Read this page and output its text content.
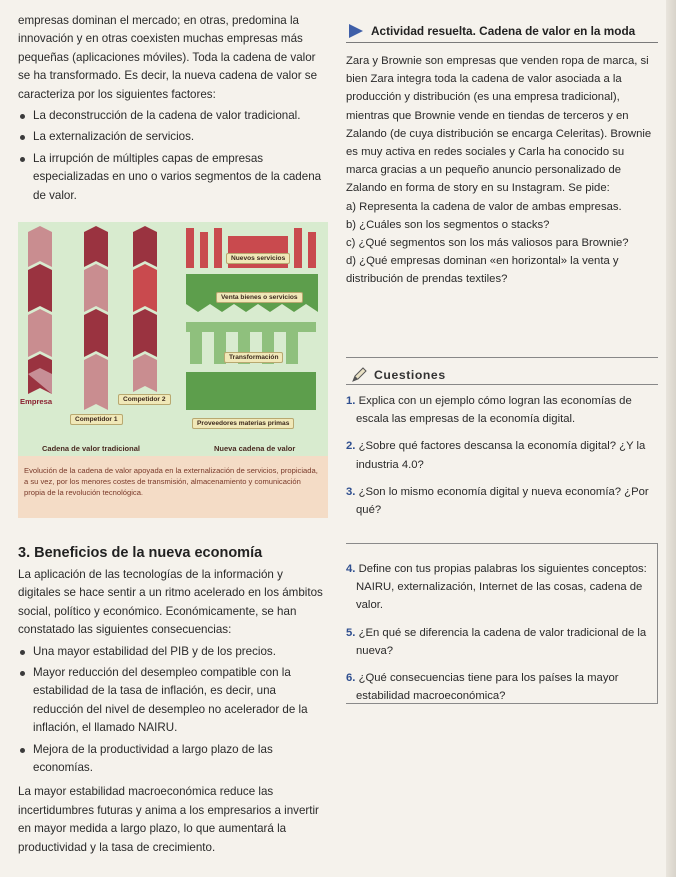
empresas dominan el mercado; en otras, predomina la innovación y en otras coexisten muchas empresas más pequeñas (aplicaciones móviles). Toda la cadena de valor se ha transformado. Es decir, la nueva cadena de valor se caracteriza por los siguientes factores:

La deconstrucción de la cadena de valor tradicional.
La externalización de servicios.
La irrupción de múltiples capas de empresas especializadas en uno o varios segmentos de la cadena de valor.
Empresa	Competidor 2
Competidor 1
Nuevos servicios
Venta bienes o servicios
Transformación
Proveedores materias primas
Cadena de valor tradicional	Nueva cadena de valor
Evolución de la cadena de valor apoyada en la externalización de servicios, propiciada, a su vez, por los menores costes de transmisión, almacenamiento y comunicación propia de la revolución tecnológica.
3. Beneficios de la nueva economía

La aplicación de las tecnologías de la información y digitales se hace sentir a un ritmo acelerado en los ámbitos social, político y económico. Económicamente, se han constatado las siguientes consecuencias:

Una mayor estabilidad del PIB y de los precios.
Mayor reducción del desempleo compatible con la estabilidad de la tasa de inflación, es decir, una reducción del nivel de desempleo no acelerador de la inflación, el llamado NAIRU.
Mejora de la productividad a largo plazo de las economías.

La mayor estabilidad macroeconómica reduce las incertidumbres futuras y anima a los empresarios a invertir en mayor medida a largo plazo, lo que aumentará la productividad y la tasa de crecimiento.

Actividad resuelta. Cadena de valor en la moda

Zara y Brownie son empresas que venden ropa de marca, si bien Zara integra toda la cadena de valor asociada a la producción y distribución (es una empresa tradicional), mientras que Brownie vende en tiendas de terceros y en Zalando (de cuya distribución se encarga Celeritas). Brownie es muy activa en redes sociales y Carla ha conocido su marca gracias a un pequeño anuncio personalizado de Zalando en forma de story en su Instagram. Se pide:

a) Representa la cadena de valor de ambas empresas.

b) ¿Cuáles son los segmentos o stacks?

c) ¿Qué segmentos son los más valiosos para Brownie?

d) ¿Qué empresas dominan «en horizontal» la venta y distribución de prendas textiles?

Cuestiones
1. Explica con un ejemplo cómo logran las economías de escala las empresas de la economía digital.
2. ¿Sobre qué factores descansa la economía digital? ¿Y la industria 4.0?
3. ¿Son lo mismo economía digital y nueva economía? ¿Por qué?
4. Define con tus propias palabras los siguientes conceptos: NAIRU, externalización, Internet de las cosas, cadena de valor.
5. ¿En qué se diferencia la cadena de valor tradicional de la nueva?
6. ¿Qué consecuencias tiene para los países la mayor estabilidad macroeconómica?
